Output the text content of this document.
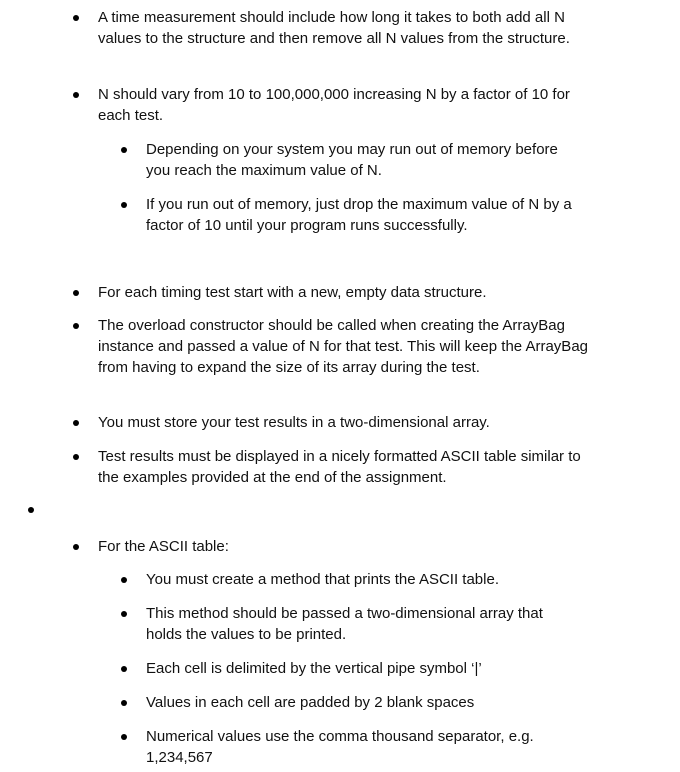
A time measurement should include how long it takes to both add all N values to the structure and then remove all N values from the structure.
N should vary from 10 to 100,000,000 increasing N by a factor of 10 for each test.
Depending on your system you may run out of memory before you reach the maximum value of N.
If you run out of memory, just drop the maximum value of N by a factor of 10 until your program runs successfully.
For each timing test start with a new, empty data structure.
The overload constructor should be called when creating the ArrayBag instance and passed a value of N for that test. This will keep the ArrayBag from having to expand the size of its array during the test.
You must store your test results in a two-dimensional array.
Test results must be displayed in a nicely formatted ASCII table similar to the examples provided at the end of the assignment.
For the ASCII table:
You must create a method that prints the ASCII table.
This method should be passed a two-dimensional array that holds the values to be printed.
Each cell is delimited by the vertical pipe symbol ‘|’
Values in each cell are padded by 2 blank spaces
Numerical values use the comma thousand separator, e.g. 1,234,567
